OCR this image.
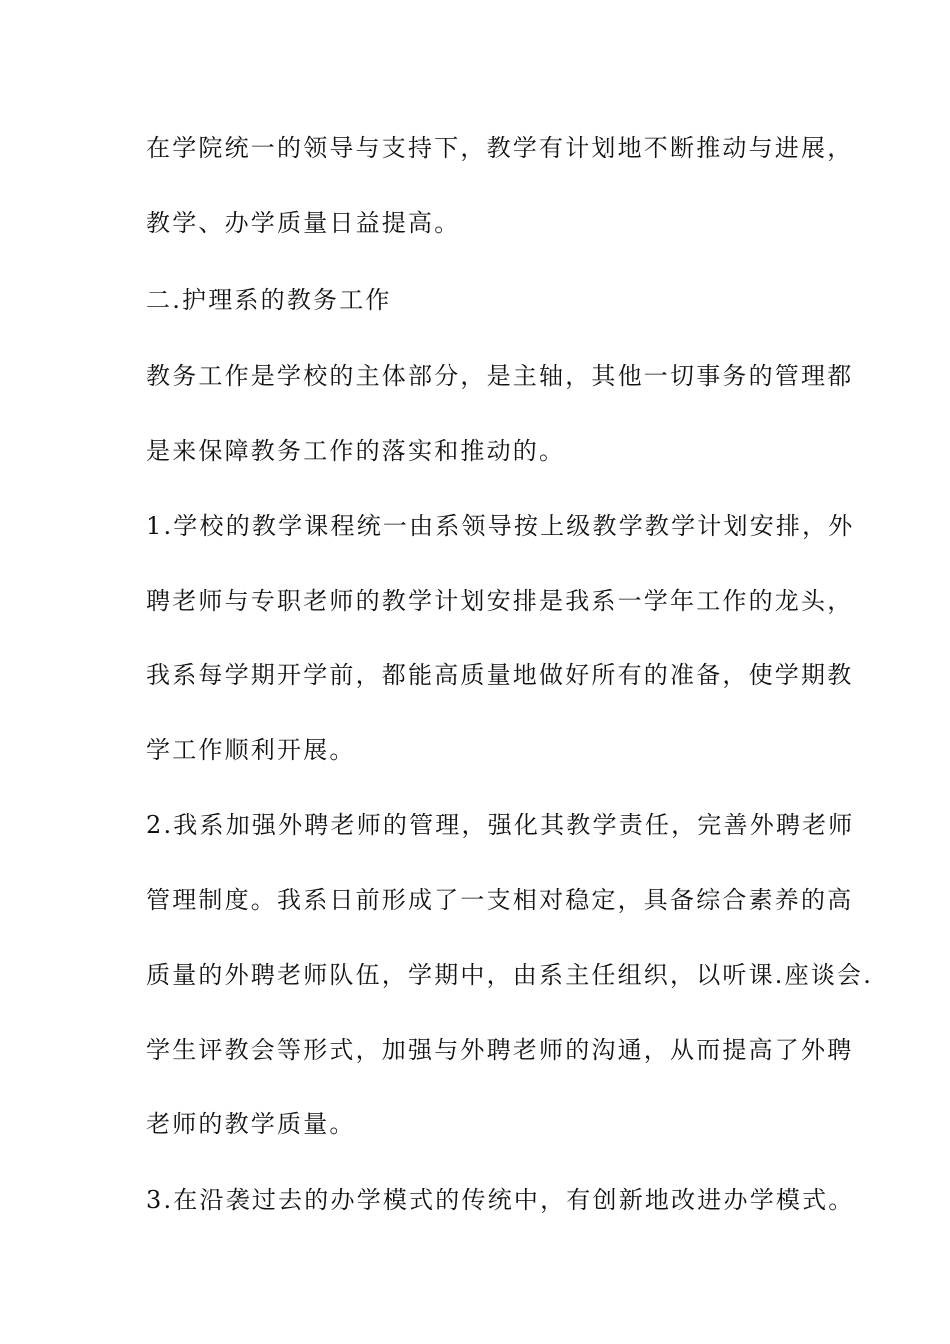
在学院统一的领导与支持下，教学有计划地不断推动与进展，
教学、办学质量日益提高。
二.护理系的教务工作
教务工作是学校的主体部分，是主轴，其他一切事务的管理都
是来保障教务工作的落实和推动的。
1.学校的教学课程统一由系领导按上级教学教学计划安排，外
聘老师与专职老师的教学计划安排是我系一学年工作的龙头，
我系每学期开学前，都能高质量地做好所有的准备，使学期教
学工作顺利开展。
2.我系加强外聘老师的管理，强化其教学责任，完善外聘老师
管理制度。我系日前形成了一支相对稳定，具备综合素养的高
质量的外聘老师队伍，学期中，由系主任组织，以听课.座谈会.
学生评教会等形式，加强与外聘老师的沟通，从而提高了外聘
老师的教学质量。
3.在沿袭过去的办学模式的传统中，有创新地改进办学模式。
